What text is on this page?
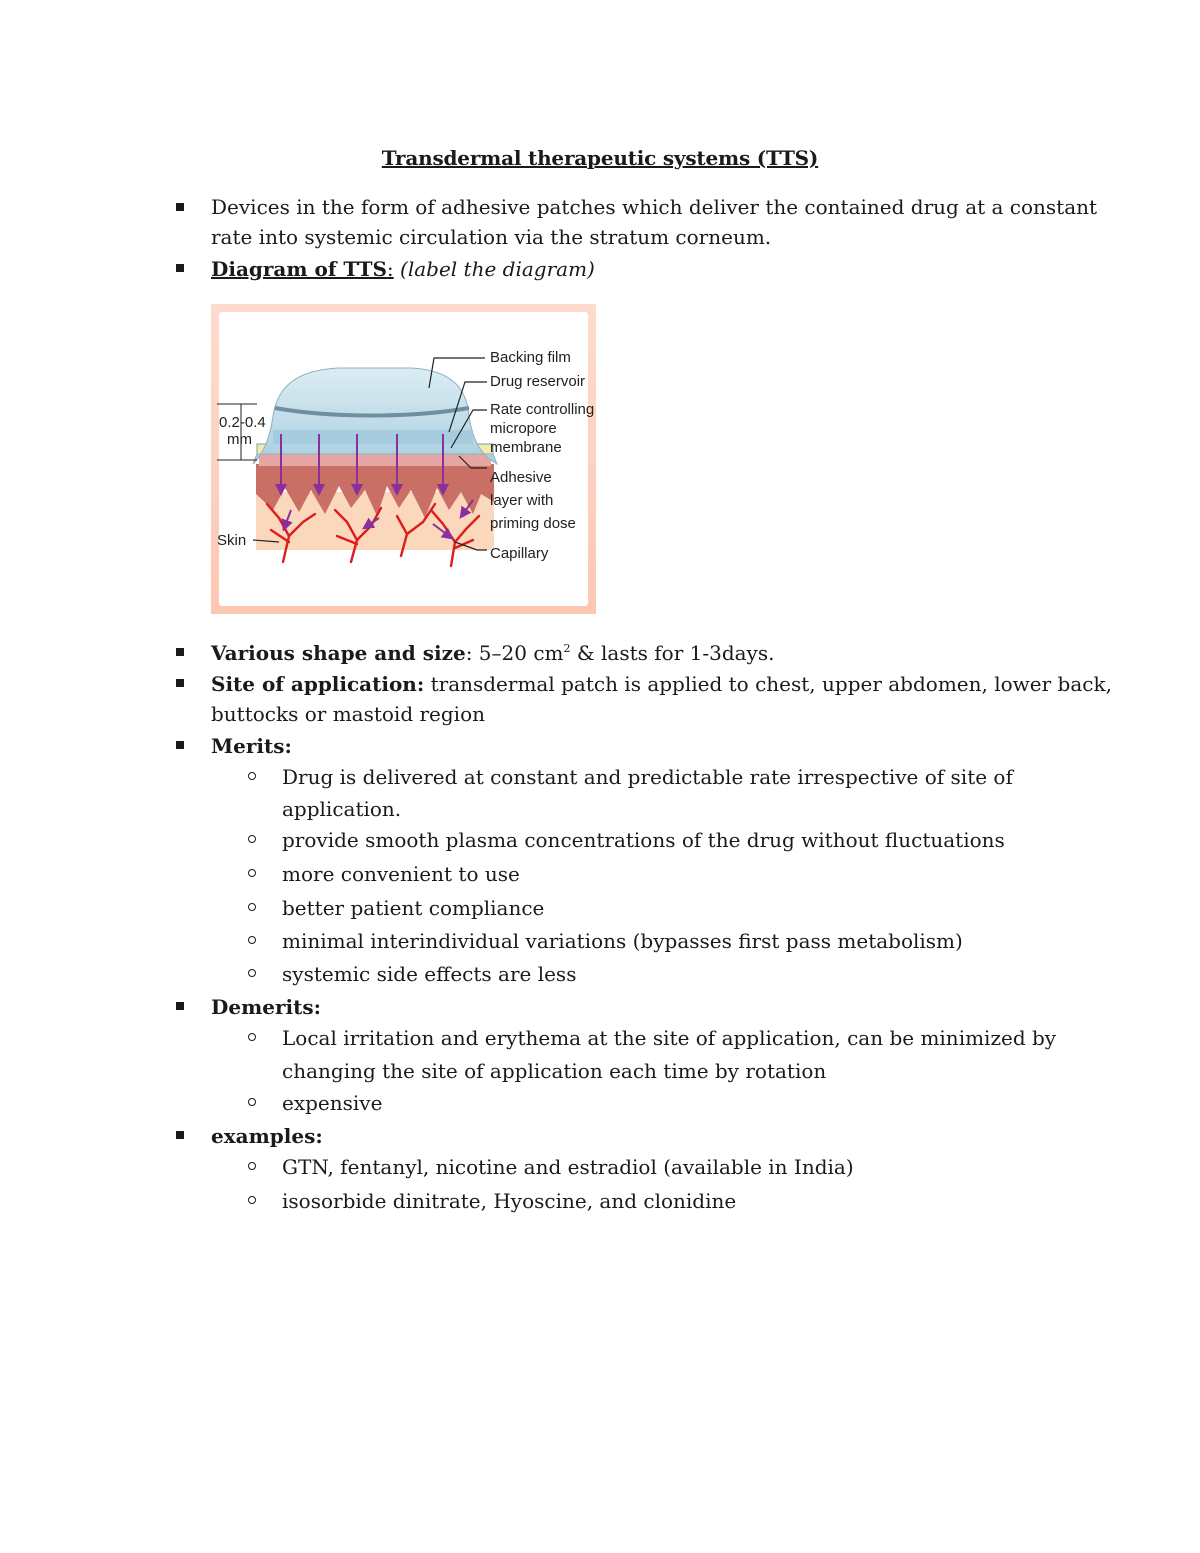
Transdermal therapeutic systems (TTS)
Devices in the form of adhesive patches which deliver the contained drug at a constant
rate into systemic circulation via the stratum corneum.
Diagram of TTS: (label the diagram)
0.2-0.4
mm
Backing film
Drug reservoir
Rate controlling
micropore
membrane
Adhesive
layer with
priming dose
Capillary
Skin
Various shape and size: 5–20 $cm^2$ & lasts for 1-3days.
Site of application: transdermal patch is applied to chest, upper abdomen, lower back,
buttocks or mastoid region
Merits:
Drug is delivered at constant and predictable rate irrespective of site of
application.
provide smooth plasma concentrations of the drug without fluctuations
more convenient to use
better patient compliance
minimal interindividual variations (bypasses first pass metabolism)
systemic side effects are less
Demerits:
Local irritation and erythema at the site of application, can be minimized by
changing the site of application each time by rotation
expensive
examples:
GTN, fentanyl, nicotine and estradiol (available in India)
isosorbide dinitrate, Hyoscine, and clonidine
